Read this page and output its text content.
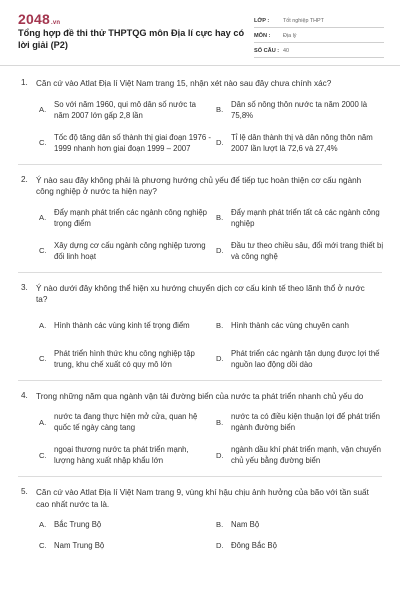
2048.vn
Tổng hợp đề thi thử THPTQG môn Địa lí cực hay có lời giải (P2)
LỚP :	Tốt nghiệp THPT
MÔN :	Địa lý
SỐ CÂU : 40
1. Căn cứ vào Atlat Địa lí Việt Nam trang 15, nhận xét nào sau đây chưa chính xác?
A.
So với năm 1960, qui mô dân số nước ta năm 2007 lớn gấp 2,8 lần
B.
Dân số nông thôn nước ta năm 2000 là 75,8%
C.
Tốc độ tăng dân số thành thị giai đoạn 1976 - 1999 nhanh hơn giai đoạn 1999 – 2007
D.
Tỉ lệ dân thành thị và dân nông thôn năm 2007 lần lượt là 72,6 và 27,4%
2. Ý nào sau đây không phải là phương hướng chủ yếu để tiếp tục hoàn thiện cơ cấu ngành công nghiệp ở nước ta hiện nay?
A.
Đẩy mạnh phát triển các ngành công nghiệp trọng điểm
B.
Đẩy mạnh phát triển tất cả các ngành công nghiệp
C.
Xây dựng cơ cấu ngành công nghiệp tương đối linh hoạt
D.
Đầu tư theo chiều sâu, đổi mới trang thiết bị và công nghệ
3. Ý nào dưới đây không thể hiện xu hướng chuyển dịch cơ cấu kinh tế theo lãnh thổ ở nước ta?
A. Hình thành các vùng kinh tế trọng điểm	B. Hình thành các vùng chuyên canh
C.
Phát triển hình thức khu công nghiệp tập trung, khu chế xuất có quy mô lớn
D.
Phát triển các ngành tận dụng được lợi thế nguồn lao động dồi dào
4. Trong những năm qua ngành vận tải đường biển của nước ta phát triển nhanh chủ yếu do
A.
nước ta đang thực hiện mở cửa, quan hệ quốc tế ngày càng tang
B.
nước ta có điều kiện thuận lợi để phát triển ngành đường biển
C.
ngoại thương nước ta phát triển mạnh, lượng hàng xuất nhập khẩu lớn
D.
ngành dầu khí phát triển mạnh, vận chuyển chủ yếu bằng đường biển
5. Căn cứ vào Atlat Địa lí Việt Nam trang 9, vùng khí hậu chịu ảnh hưởng của bão với tần suất cao nhất nước ta là.
A. Bắc Trung Bộ	B. Nam Bộ
C. Nam Trung Bộ	D. Đông Bắc Bộ
